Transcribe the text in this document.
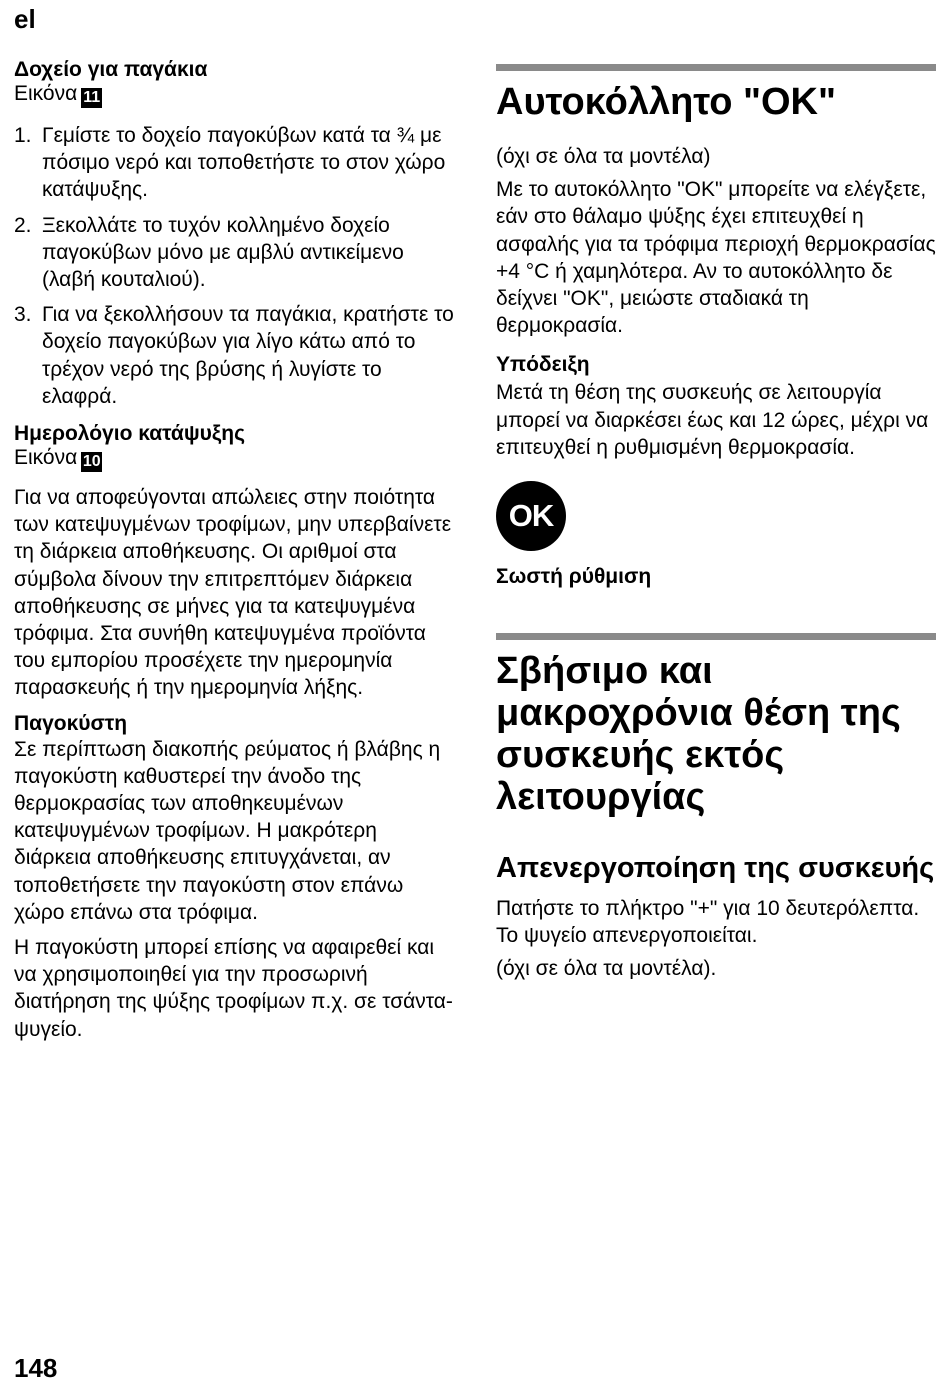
el

Δοχείο για παγάκια

Εικόνα 11

1. Γεμίστε το δοχείο παγοκύβων κατά τα ¾ με πόσιμο νερό και τοποθετήστε το στον χώρο κατάψυξης.
2. Ξεκολλάτε το τυχόν κολλημένο δοχείο παγοκύβων μόνο με αμβλύ αντικείμενο (λαβή κουταλιού).
3. Για να ξεκολλήσουν τα παγάκια, κρατήστε το δοχείο παγοκύβων για λίγο κάτω από το τρέχον νερό της βρύσης ή λυγίστε το ελαφρά.

Ημερολόγιο κατάψυξης

Εικόνα 10

Για να αποφεύγονται απώλειες στην ποιότητα των κατεψυγμένων τροφίμων, μην υπερβαίνετε τη διάρκεια αποθήκευσης. Οι αριθμοί στα σύμβολα δίνουν την επιτρεπτόμεν διάρκεια αποθήκευσης σε μήνες για τα κατεψυγμένα τρόφιμα. Στα συνήθη κατεψυγμένα προϊόντα του εμπορίου προσέχετε την ημερομηνία παρασκευής ή την ημερομηνία λήξης.

Παγοκύστη

Σε περίπτωση διακοπής ρεύματος ή βλάβης η παγοκύστη καθυστερεί την άνοδο της θερμοκρασίας των αποθηκευμένων κατεψυγμένων τροφίμων. Η μακρότερη διάρκεια αποθήκευσης επιτυγχάνεται, αν τοποθετήσετε την παγοκύστη στον επάνω χώρο επάνω στα τρόφιμα.

Η παγοκύστη μπορεί επίσης να αφαιρεθεί και να χρησιμοποιηθεί για την προσωρινή διατήρηση της ψύξης τροφίμων π.χ. σε τσάντα-ψυγείο.

Αυτοκόλλητο "OK"

(όχι σε όλα τα μοντέλα)

Με το αυτοκόλλητο "OK" μπορείτε να ελέγξετε, εάν στο θάλαμο ψύξης έχει επιτευχθεί η ασφαλής για τα τρόφιμα περιοχή θερμοκρασίας +4 °C ή χαμηλότερα. Αν το αυτοκόλλητο δε δείχνει "OK", μειώστε σταδιακά τη θερμοκρασία.

Υπόδειξη

Μετά τη θέση της συσκευής σε λειτουργία μπορεί να διαρκέσει έως και 12 ώρες, μέχρι να επιτευχθεί η ρυθμισμένη θερμοκρασία.

OK

Σωστή ρύθμιση

Σβήσιμο και μακροχρόνια θέση της συσκευής εκτός λειτουργίας
Απενεργοποίηση της συσκευής

Πατήστε το πλήκτρο "+" για 10 δευτερόλεπτα.

Το ψυγείο απενεργοποιείται.

(όχι σε όλα τα μοντέλα).

148
